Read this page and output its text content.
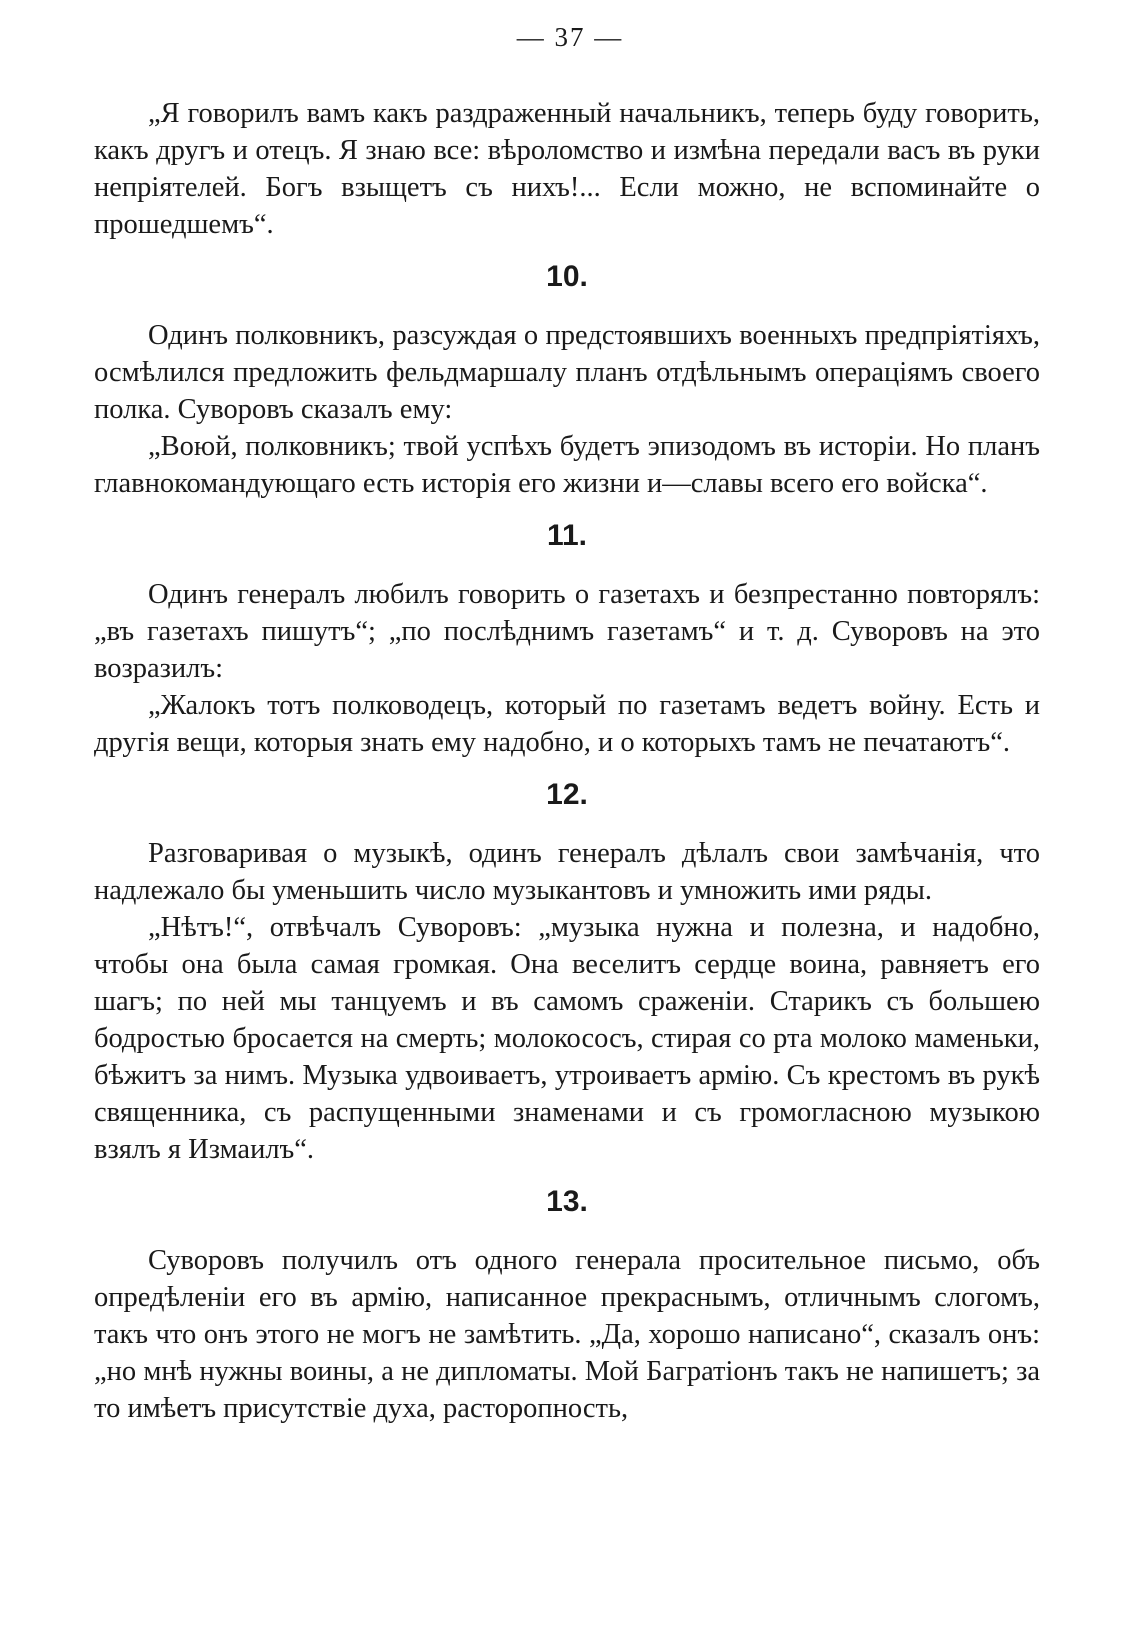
— 37 —

„Я говорилъ вамъ какъ раздраженный начальникъ, теперь буду говорить, какъ другъ и отецъ. Я знаю все: вѣроломство и измѣна передали васъ въ руки непріятелей. Богъ взыщетъ съ нихъ!... Если можно, не вспоминайте о прошедшемъ“.

10.

Одинъ полковникъ, разсуждая о предстоявшихъ военныхъ предпріятіяхъ, осмѣлился предложить фельдмаршалу планъ отдѣльнымъ операціямъ своего полка. Суворовъ сказалъ ему:

„Воюй, полковникъ; твой успѣхъ будетъ эпизодомъ въ исторіи. Но планъ главнокомандующаго есть исторія его жизни и—славы всего его войска“.

11.

Одинъ генералъ любилъ говорить о газетахъ и безпрестанно повторялъ: „въ газетахъ пишутъ“; „по послѣднимъ газетамъ“ и т. д. Суворовъ на это возразилъ:

„Жалокъ тотъ полководецъ, который по газетамъ ведетъ войну. Есть и другія вещи, которыя знать ему надобно, и о которыхъ тамъ не печатаютъ“.

12.

Разговаривая о музыкѣ, одинъ генералъ дѣлалъ свои замѣчанія, что надлежало бы уменьшить число музыкантовъ и умножить ими ряды.

„Нѣтъ!“, отвѣчалъ Суворовъ: „музыка нужна и полезна, и надобно, чтобы она была самая громкая. Она веселитъ сердце воина, равняетъ его шагъ; по ней мы танцуемъ и въ самомъ сраженіи. Старикъ съ большею бодростью бросается на смерть; молокососъ, стирая со рта молоко маменьки, бѣжитъ за нимъ. Музыка удвоиваетъ, утроиваетъ армію. Съ крестомъ въ рукѣ священника, съ распущенными знаменами и съ громогласною музыкою взялъ я Измаилъ“.

13.

Суворовъ получилъ отъ одного генерала просительное письмо, объ опредѣленіи его въ армію, написанное прекраснымъ, отличнымъ слогомъ, такъ что онъ этого не могъ не замѣтить. „Да, хорошо написано“, сказалъ онъ: „но мнѣ нужны воины, а не дипломаты. Мой Багратіонъ такъ не напишетъ; за то имѣетъ присутствіе духа, расторопность,
